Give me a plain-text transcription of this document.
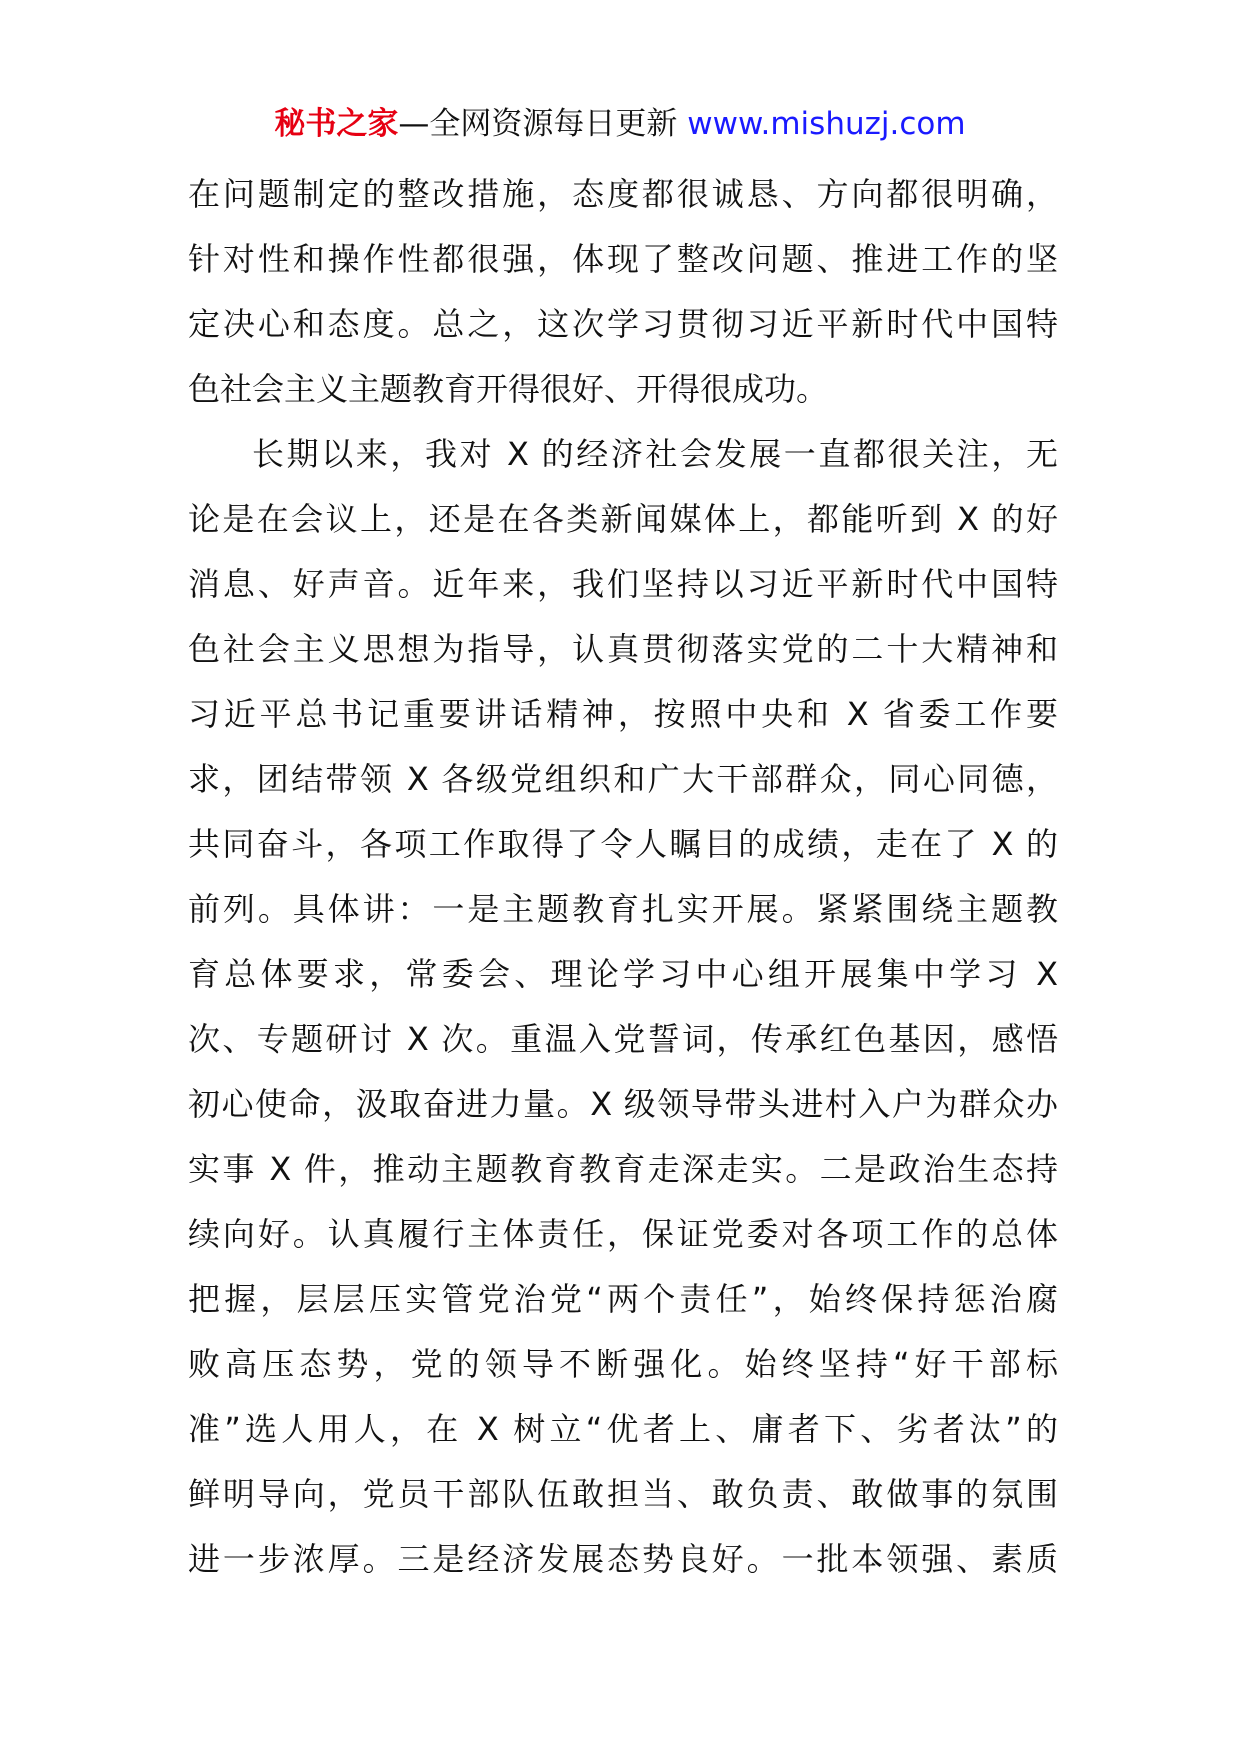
秘书之家—全网资源每日更新 www.mishuzj.com
在问题制定的整改措施，态度都很诚恳、方向都很明确，
针对性和操作性都很强，体现了整改问题、推进工作的坚
定决心和态度。总之，这次学习贯彻习近平新时代中国特
色社会主义主题教育开得很好、开得很成功。
长期以来，我对 X 的经济社会发展一直都很关注，无
论是在会议上，还是在各类新闻媒体上，都能听到 X 的好
消息、好声音。近年来，我们坚持以习近平新时代中国特
色社会主义思想为指导，认真贯彻落实党的二十大精神和
习近平总书记重要讲话精神，按照中央和 X 省委工作要
求，团结带领 X 各级党组织和广大干部群众，同心同德，
共同奋斗，各项工作取得了令人瞩目的成绩，走在了 X 的
前列。具体讲：一是主题教育扎实开展。紧紧围绕主题教
育总体要求，常委会、理论学习中心组开展集中学习 X
次、专题研讨 X 次。重温入党誓词，传承红色基因，感悟
初心使命，汲取奋进力量。X 级领导带头进村入户为群众办
实事 X 件，推动主题教育教育走深走实。二是政治生态持
续向好。认真履行主体责任，保证党委对各项工作的总体
把握，层层压实管党治党“两个责任”，始终保持惩治腐
败高压态势，党的领导不断强化。始终坚持“好干部标
准”选人用人，在 X 树立“优者上、庸者下、劣者汰”的
鲜明导向，党员干部队伍敢担当、敢负责、敢做事的氛围
进一步浓厚。三是经济发展态势良好。一批本领强、素质
